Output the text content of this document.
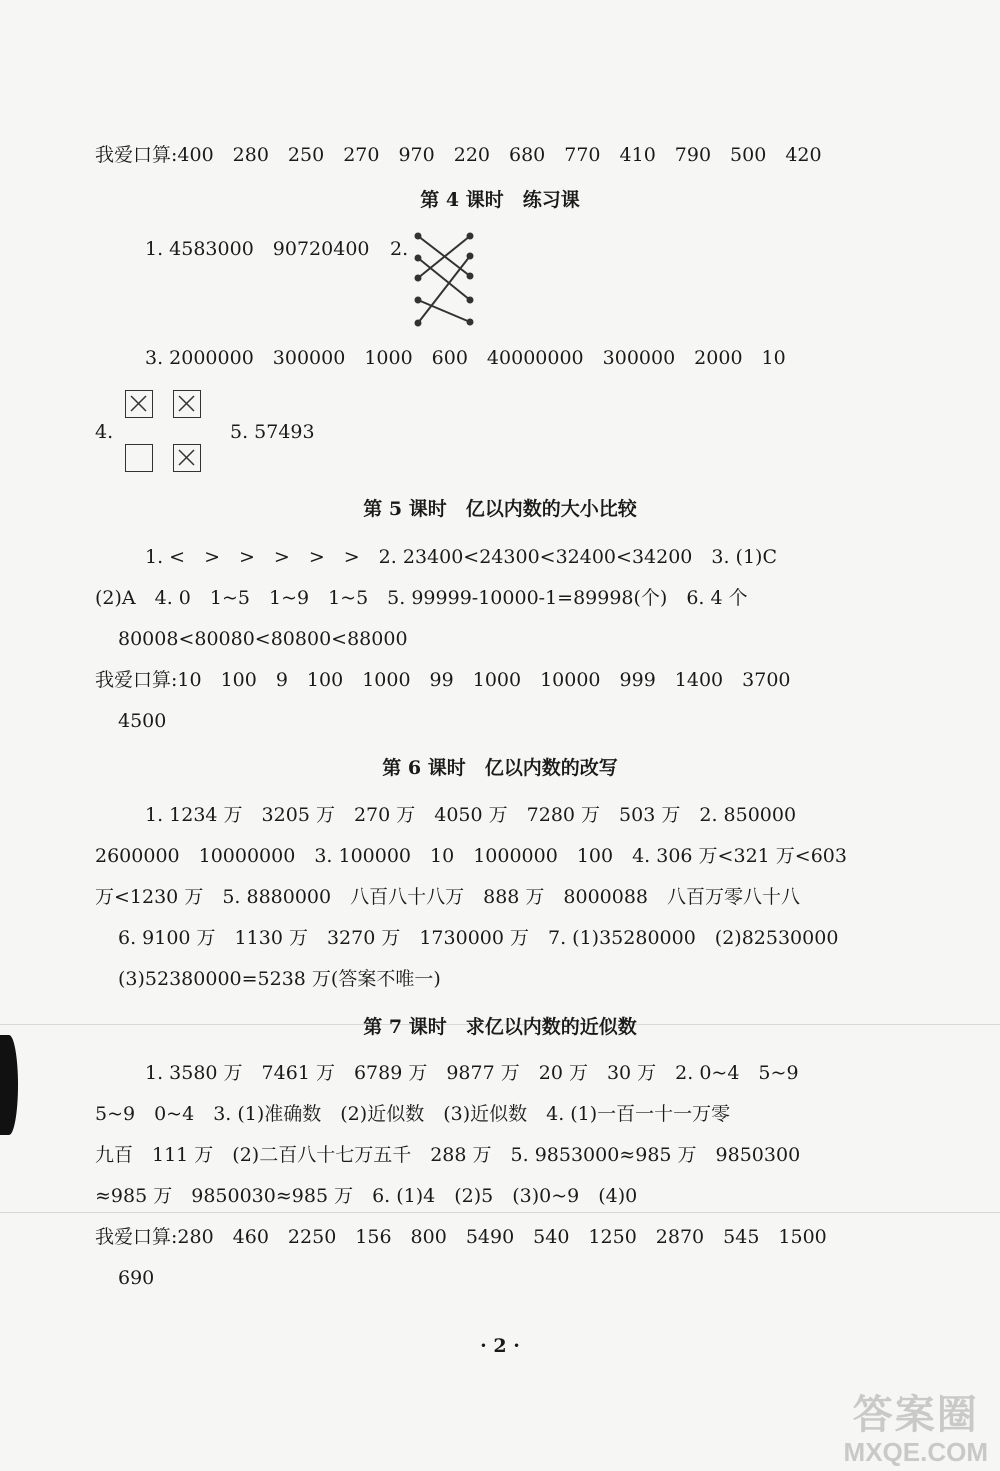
我爱口算:400　280　250　270　970　220　680　770　410　790　500　420
第 4 课时　练习课
1. 4583000　90720400 2.
3. 2000000　300000　1000　600　40000000　300000　2000　10
4.	5. 57493
第 5 课时　亿以内数的大小比较
1. <　>　>　>　>　>　2. 23400<24300<32400<34200　3. (1)C
(2)A　4. 0　1~5　1~9　1~5　5. 99999-10000-1=89998(个)　6. 4 个
80008<80080<80800<88000
我爱口算:10　100　9　100　1000　99　1000　10000　999　1400　3700
4500
第 6 课时　亿以内数的改写
1. 1234 万　3205 万　270 万　4050 万　7280 万　503 万　2. 850000
2600000　10000000　3. 100000　10　1000000　100　4. 306 万<321 万<603
万<1230 万　5. 8880000　八百八十八万　888 万　8000088　八百万零八十八
6. 9100 万　1130 万　3270 万　1730000 万　7. (1)35280000　(2)82530000
(3)52380000=5238 万(答案不唯一)
第 7 课时　求亿以内数的近似数
1. 3580 万　7461 万　6789 万　9877 万　20 万　30 万　2. 0~4　5~9
5~9　0~4　3. (1)准确数　(2)近似数　(3)近似数　4. (1)一百一十一万零
九百　111 万　(2)二百八十七万五千　288 万　5. 9853000≈985 万　9850300
≈985 万　9850030≈985 万　6. (1)4　(2)5　(3)0~9　(4)0
我爱口算:280　460　2250　156　800　5490　540　1250　2870　545　1500
690
· 2 ·
答案圈
MXQE.COM
